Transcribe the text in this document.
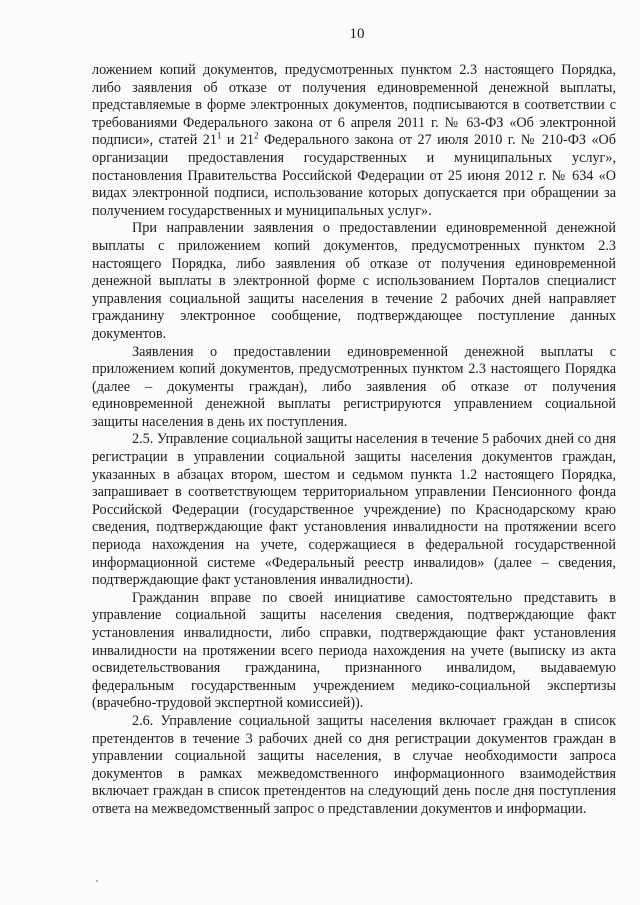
10

ложением копий документов, предусмотренных пунктом 2.3 настоящего Порядка, либо заявления об отказе от получения единовременной денежной выплаты, представляемые в форме электронных документов, подписываются в соответствии с требованиями Федерального закона от 6 апреля 2011 г. № 63-ФЗ «Об электронной подписи», статей $21^1$ и $21^2$ Федерального закона от 27 июля 2010 г. № 210-ФЗ «Об организации предоставления государственных и муниципальных услуг», постановления Правительства Российской Федерации от 25 июня 2012 г. № 634 «О видах электронной подписи, использование которых допускается при обращении за получением государственных и муниципальных услуг».

При направлении заявления о предоставлении единовременной денежной выплаты с приложением копий документов, предусмотренных пунктом 2.3 настоящего Порядка, либо заявления об отказе от получения единовременной денежной выплаты в электронной форме с использованием Порталов специалист управления социальной защиты населения в течение 2 рабочих дней направляет гражданину электронное сообщение, подтверждающее поступление данных документов.

Заявления о предоставлении единовременной денежной выплаты с приложением копий документов, предусмотренных пунктом 2.3 настоящего Порядка (далее – документы граждан), либо заявления об отказе от получения единовременной денежной выплаты регистрируются управлением социальной защиты населения в день их поступления.

2.5. Управление социальной защиты населения в течение 5 рабочих дней со дня регистрации в управлении социальной защиты населения документов граждан, указанных в абзацах втором, шестом и седьмом пункта 1.2 настоящего Порядка, запрашивает в соответствующем территориальном управлении Пенсионного фонда Российской Федерации (государственное учреждение) по Краснодарскому краю сведения, подтверждающие факт установления инвалидности на протяжении всего периода нахождения на учете, содержащиеся в федеральной государственной информационной системе «Федеральный реестр инвалидов» (далее – сведения, подтверждающие факт установления инвалидности).

Гражданин вправе по своей инициативе самостоятельно представить в управление социальной защиты населения сведения, подтверждающие факт установления инвалидности, либо справки, подтверждающие факт установления инвалидности на протяжении всего периода нахождения на учете (выписку из акта освидетельствования гражданина, признанного инвалидом, выдаваемую федеральным государственным учреждением медико-социальной экспертизы (врачебно-трудовой экспертной комиссией)).

2.6. Управление социальной защиты населения включает граждан в список претендентов в течение 3 рабочих дней со дня регистрации документов граждан в управлении социальной защиты населения, в случае необходимости запроса документов в рамках межведомственного информационного взаимодействия включает граждан в список претендентов на следующий день после дня поступления ответа на межведомственный запрос о представлении документов и информации.
